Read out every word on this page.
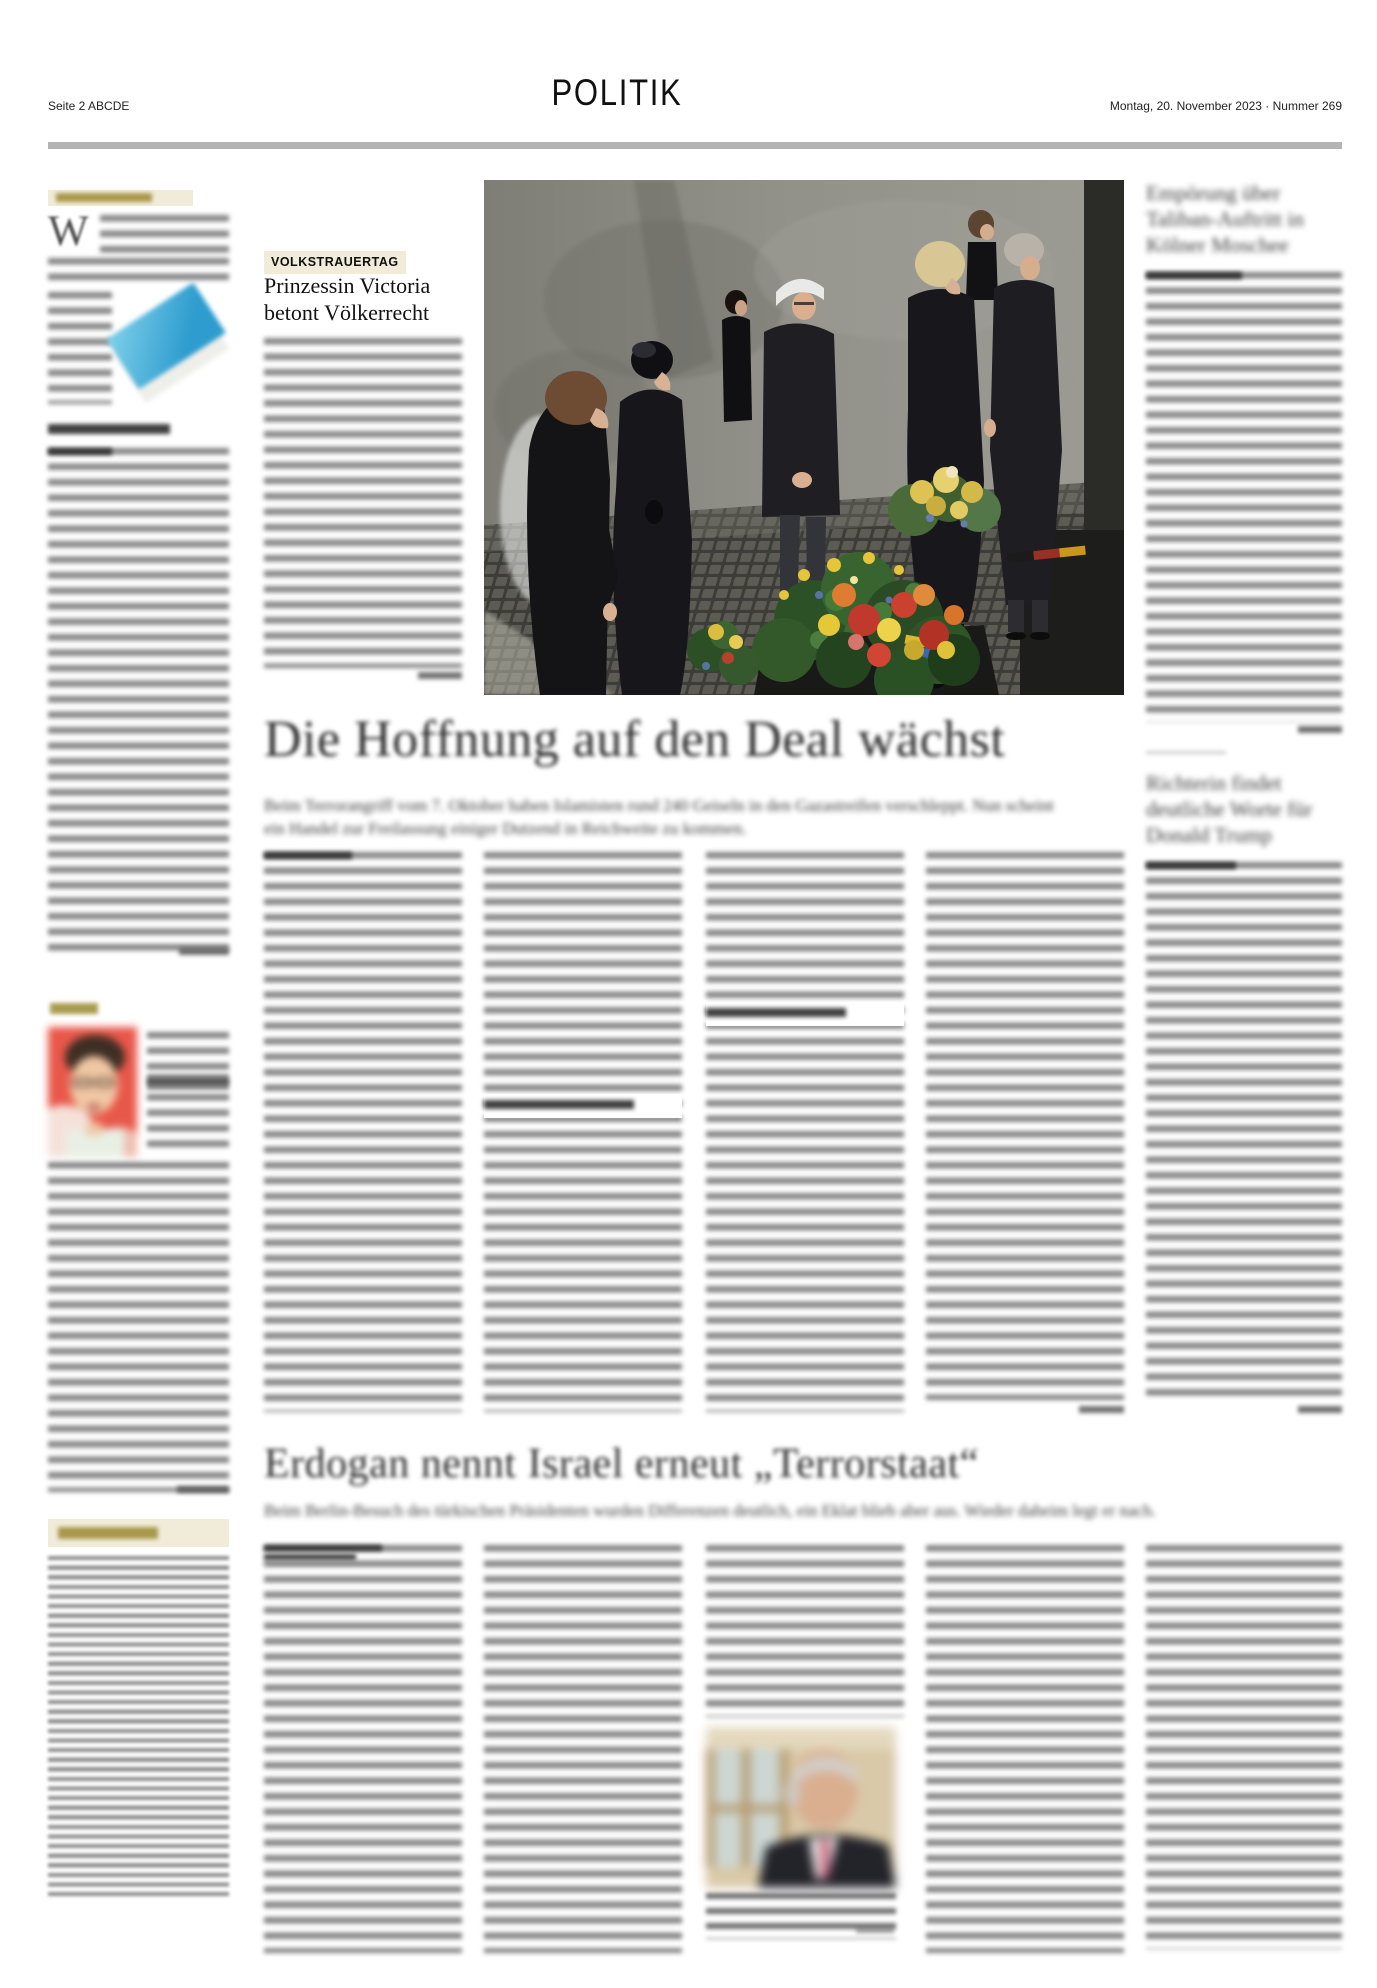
Seite 2 ABCDE	POLITIK	Montag, 20. November 2023 · Nummer 269
W
VOLKSTRAUERTAG
Prinzessin Victoria betont Völkerrecht
Die Hoffnung auf den Deal wächst
Beim Terrorangriff vom 7. Oktober haben Islamisten rund 240 Geiseln in den Gazastreifen verschleppt. Nun scheint ein Handel zur Freilassung einiger Dutzend in Reichweite zu kommen.
Empörung über Taliban-Auftritt in Kölner Moschee
Richterin findet deutliche Worte für Donald Trump
Erdogan nennt Israel erneut „Terrorstaat“
Beim Berlin-Besuch des türkischen Präsidenten wurden Differenzen deutlich, ein Eklat blieb aber aus. Wieder daheim legt er nach.
